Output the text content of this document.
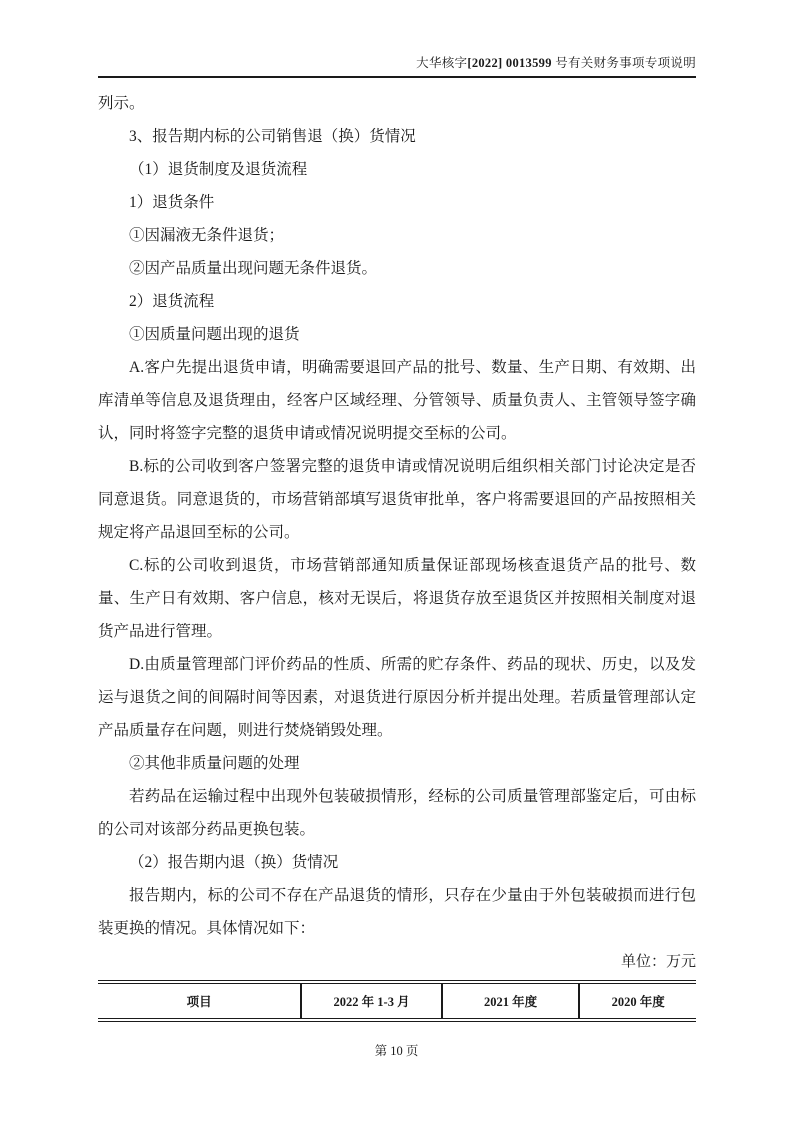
大华核字[2022] 0013599 号有关财务事项专项说明

列示。

3、报告期内标的公司销售退（换）货情况

（1）退货制度及退货流程

1）退货条件

①因漏液无条件退货；

②因产品质量出现问题无条件退货。

2）退货流程

①因质量问题出现的退货

A.客户先提出退货申请，明确需要退回产品的批号、数量、生产日期、有效期、出库清单等信息及退货理由，经客户区域经理、分管领导、质量负责人、主管领导签字确认，同时将签字完整的退货申请或情况说明提交至标的公司。

B.标的公司收到客户签署完整的退货申请或情况说明后组织相关部门讨论决定是否同意退货。同意退货的，市场营销部填写退货审批单，客户将需要退回的产品按照相关规定将产品退回至标的公司。

C.标的公司收到退货，市场营销部通知质量保证部现场核查退货产品的批号、数量、生产日有效期、客户信息，核对无误后，将退货存放至退货区并按照相关制度对退货产品进行管理。

D.由质量管理部门评价药品的性质、所需的贮存条件、药品的现状、历史，以及发运与退货之间的间隔时间等因素，对退货进行原因分析并提出处理。若质量管理部认定产品质量存在问题，则进行焚烧销毁处理。

②其他非质量问题的处理

若药品在运输过程中出现外包装破损情形，经标的公司质量管理部鉴定后，可由标的公司对该部分药品更换包装。

（2）报告期内退（换）货情况

报告期内，标的公司不存在产品退货的情形，只存在少量由于外包装破损而进行包装更换的情况。具体情况如下：

单位：万元
项目	2022 年 1-3 月	2021 年度	2020 年度
第 10 页
